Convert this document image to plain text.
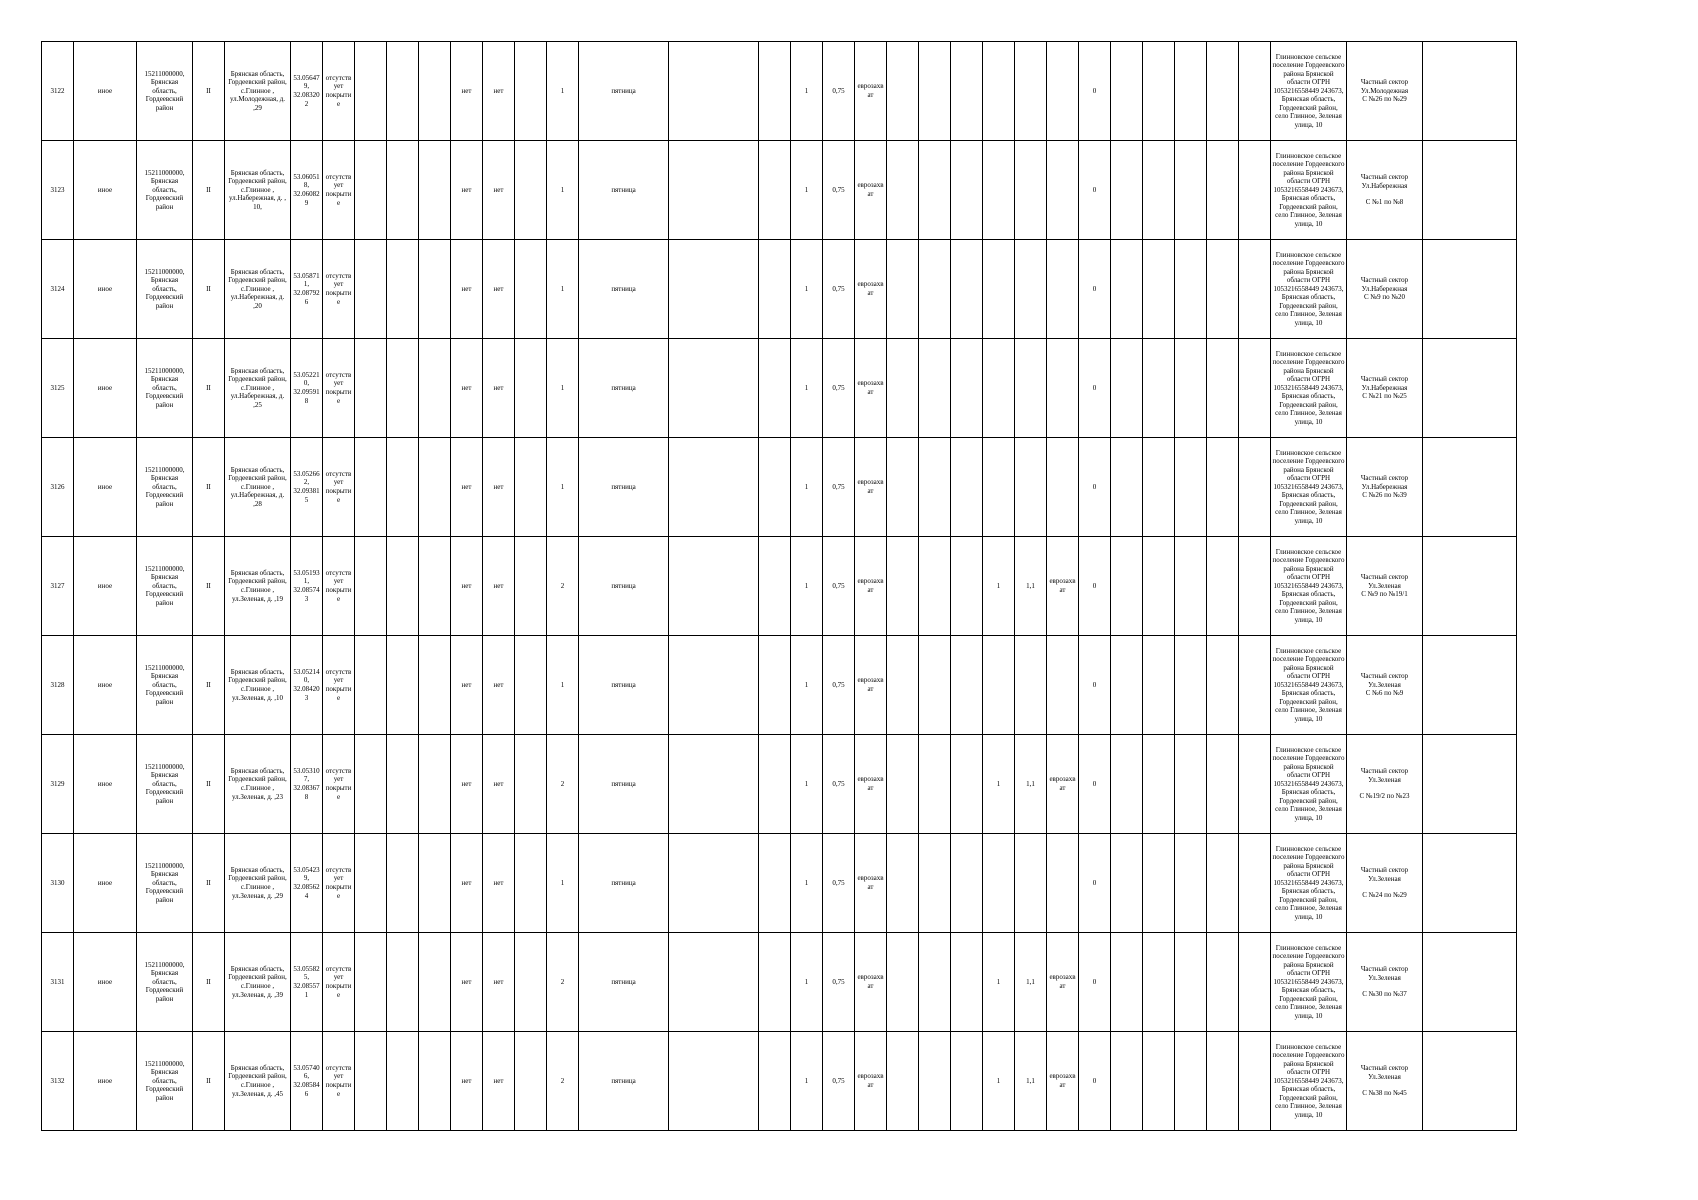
3122	иное	15211000000, Брянская область, Гордеевский район	II	Брянская область, Гордеевский район, с.Глинное , ул.Молодежная, д. ,29	53.05647 9, 32.08320 2	отсутств ует покрыти е				нет	нет		1	пятница			1	0,75	еврозахв ат							0						Глинновское сельское поселение Гордеевского района Брянской области ОГРН 1053216558449 243673, Брянская область, Гордеевский район, село Глинное, Зеленая улица, 10	Частный сектор
Ул.Молодежная
С №26 по №29	

3123	иное	15211000000, Брянская область, Гордеевский район	II	Брянская область, Гордеевский район, с.Глинное , ул.Набережная, д. , 10,	53.06051 8, 32.06082 9	отсутств ует покрыти е				нет	нет		1	пятница			1	0,75	еврозахв ат							0						Глинновское сельское поселение Гордеевского района Брянской области ОГРН 1053216558449 243673, Брянская область, Гордеевский район, село Глинное, Зеленая улица, 10	Частный сектор
Ул.Набережная
С №1 по №8	

3124	иное	15211000000, Брянская область, Гордеевский район	II	Брянская область, Гордеевский район, с.Глинное , ул.Набережная, д. ,20	53.05871 1, 32.08792 6	отсутств ует покрыти е				нет	нет		1	пятница			1	0,75	еврозахв ат							0						Глинновское сельское поселение Гордеевского района Брянской области ОГРН 1053216558449 243673, Брянская область, Гордеевский район, село Глинное, Зеленая улица, 10	Частный сектор
Ул.Набережная
С №9 по №20	

3125	иное	15211000000, Брянская область, Гордеевский район	II	Брянская область, Гордеевский район, с.Глинное , ул.Набережная, д. ,25	53.05221 0, 32.09591 8	отсутств ует покрыти е				нет	нет		1	пятница			1	0,75	еврозахв ат							0						Глинновское сельское поселение Гордеевского района Брянской области ОГРН 1053216558449 243673, Брянская область, Гордеевский район, село Глинное, Зеленая улица, 10	Частный сектор
Ул.Набережная
С №21 по №25	

3126	иное	15211000000, Брянская область, Гордеевский район	II	Брянская область, Гордеевский район, с.Глинное , ул.Набережная, д. ,28	53.05266 2, 32.09381 5	отсутств ует покрыти е				нет	нет		1	пятница			1	0,75	еврозахв ат							0						Глинновское сельское поселение Гордеевского района Брянской области ОГРН 1053216558449 243673, Брянская область, Гордеевский район, село Глинное, Зеленая улица, 10	Частный сектор
Ул.Набережная
С №26 по №39	

3127	иное	15211000000, Брянская область, Гордеевский район	II	Брянская область, Гордеевский район, с.Глинное , ул.Зеленая, д. ,19	53.05193 1, 32.08574 3	отсутств ует покрыти е				нет	нет		2	пятница			1	0,75	еврозахв ат				1	1,1	еврозахв ат	0						Глинновское сельское поселение Гордеевского района Брянской области ОГРН 1053216558449 243673, Брянская область, Гордеевский район, село Глинное, Зеленая улица, 10	Частный сектор
Ул.Зеленая
С №9 по №19/1	

3128	иное	15211000000, Брянская область, Гордеевский район	II	Брянская область, Гордеевский район, с.Глинное , ул.Зеленая, д. ,10	53.05214 0, 32.08420 3	отсутств ует покрыти е				нет	нет		1	пятница			1	0,75	еврозахв ат							0						Глинновское сельское поселение Гордеевского района Брянской области ОГРН 1053216558449 243673, Брянская область, Гордеевский район, село Глинное, Зеленая улица, 10	Частный сектор
Ул.Зеленая
С №6 по №9	

3129	иное	15211000000, Брянская область, Гордеевский район	II	Брянская область, Гордеевский район, с.Глинное , ул.Зеленая, д. ,23	53.05310 7, 32.08367 8	отсутств ует покрыти е				нет	нет		2	пятница			1	0,75	еврозахв ат				1	1,1	еврозахв ат	0						Глинновское сельское поселение Гордеевского района Брянской области ОГРН 1053216558449 243673, Брянская область, Гордеевский район, село Глинное, Зеленая улица, 10	Частный сектор
Ул.Зеленая
С №19/2 по №23	

3130	иное	15211000000, Брянская область, Гордеевский район	II	Брянская область, Гордеевский район, с.Глинное , ул.Зеленая, д. ,29	53.05423 9, 32.08562 4	отсутств ует покрыти е				нет	нет		1	пятница			1	0,75	еврозахв ат							0						Глинновское сельское поселение Гордеевского района Брянской области ОГРН 1053216558449 243673, Брянская область, Гордеевский район, село Глинное, Зеленая улица, 10	Частный сектор
Ул.Зеленая
С №24 по №29	

3131	иное	15211000000, Брянская область, Гордеевский район	II	Брянская область, Гордеевский район, с.Глинное , ул.Зеленая, д. ,39	53.05582 5, 32.08557 1	отсутств ует покрыти е				нет	нет		2	пятница			1	0,75	еврозахв ат				1	1,1	еврозахв ат	0						Глинновское сельское поселение Гордеевского района Брянской области ОГРН 1053216558449 243673, Брянская область, Гордеевский район, село Глинное, Зеленая улица, 10	Частный сектор
Ул.Зеленая
С №30 по №37	

3132	иное	15211000000, Брянская область, Гордеевский район	II	Брянская область, Гордеевский район, с.Глинное , ул.Зеленая, д. ,45	53.05740 6, 32.08584 6	отсутств ует покрыти е				нет	нет		2	пятница			1	0,75	еврозахв ат				1	1,1	еврозахв ат	0						Глинновское сельское поселение Гордеевского района Брянской области ОГРН 1053216558449 243673, Брянская область, Гордеевский район, село Глинное, Зеленая улица, 10	Частный сектор
Ул.Зеленая
С №38 по №45	
